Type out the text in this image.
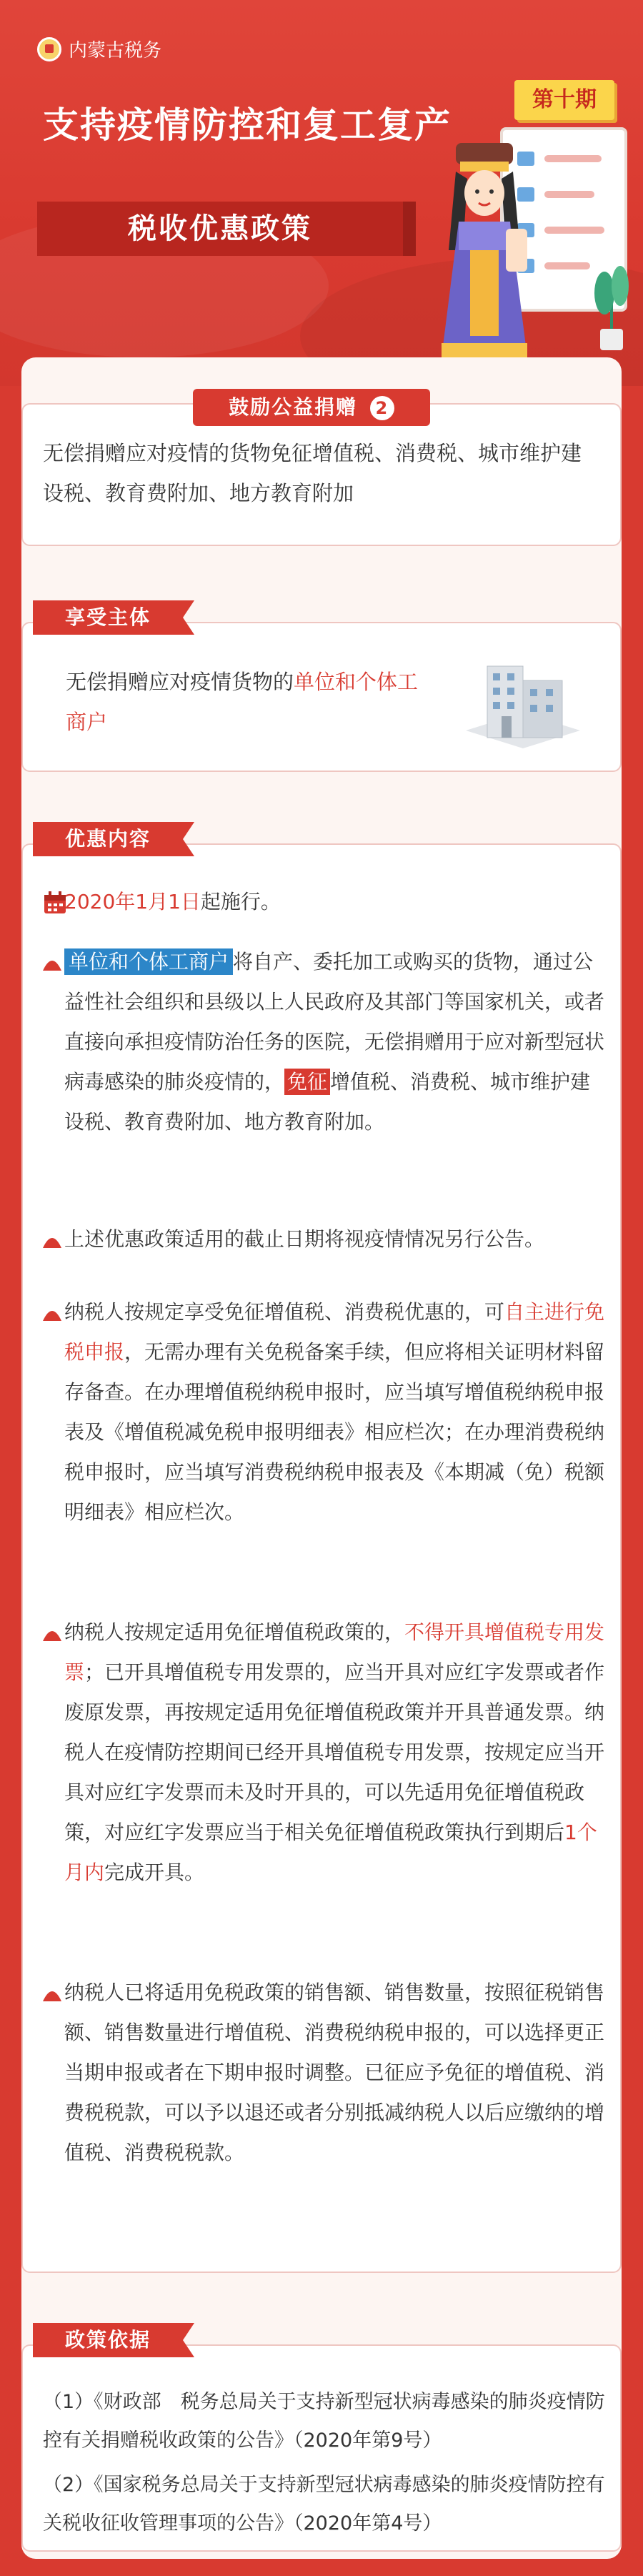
内蒙古税务
支持疫情防控和复工复产
第十期
税收优惠政策
无偿捐赠应对疫情的货物免征增值税、消费税、城市维护建设税、教育费附加、地方教育附加
鼓励公益捐赠 2
无偿捐赠应对疫情货物的单位和个体工商户
享受主体
优惠内容
2020年1月1日起施行。
单位和个体工商户 将自产、委托加工或购买的货物，通过公益性社会组织和县级以上人民政府及其部门等国家机关，或者直接向承担疫情防治任务的医院，无偿捐赠用于应对新型冠状病毒感染的肺炎疫情的， 免征 增值税、消费税、城市维护建设税、教育费附加、地方教育附加。
上述优惠政策适用的截止日期将视疫情情况另行公告。
纳税人按规定享受免征增值税、消费税优惠的，可自主进行免税申报，无需办理有关免税备案手续，但应将相关证明材料留存备查。在办理增值税纳税申报时，应当填写增值税纳税申报表及《增值税减免税申报明细表》相应栏次；在办理消费税纳税申报时，应当填写消费税纳税申报表及《本期减（免）税额明细表》相应栏次。
纳税人按规定适用免征增值税政策的，不得开具增值税专用发票；已开具增值税专用发票的，应当开具对应红字发票或者作废原发票，再按规定适用免征增值税政策并开具普通发票。纳税人在疫情防控期间已经开具增值税专用发票，按规定应当开具对应红字发票而未及时开具的，可以先适用免征增值税政策，对应红字发票应当于相关免征增值税政策执行到期后1个月内完成开具。
纳税人已将适用免税政策的销售额、销售数量，按照征税销售额、销售数量进行增值税、消费税纳税申报的，可以选择更正当期申报或者在下期申报时调整。已征应予免征的增值税、消费税税款，可以予以退还或者分别抵减纳税人以后应缴纳的增值税、消费税税款。
（1）《财政部　税务总局关于支持新型冠状病毒感染的肺炎疫情防控有关捐赠税收政策的公告》（2020年第9号）
（2）《国家税务总局关于支持新型冠状病毒感染的肺炎疫情防控有关税收征收管理事项的公告》（2020年第4号）
政策依据
